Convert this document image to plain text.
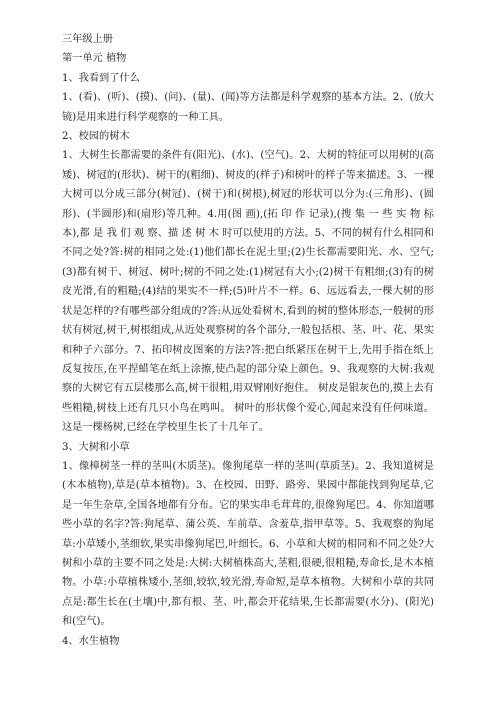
三年级上册

第一单元 植物

1、我看到了什么

1、(看)、(听)、(摸)、(问)、(量)、(闻)等方法都是科学观察的基本方法。2、(放大镜)是用来进行科学观察的一种工具。

2、校园的树木

1、大树生长都需要的条件有(阳光)、(水)、(空气)。2、大树的特征可以用树的(高矮)、树冠的(形状)、树干的(粗细)、树皮的(样子)和树叶的样子等来描述。3、一棵大树可以分成三部分(树冠)、(树干)和(树根),树冠的形状可以分为:(三角形)、(圆形)、(半圆形)和(扇形)等几种。4.用(图 画),(拓 印 作 记录),(搜 集 一 些 实 物 标 本),都 是 我 们 观 察、描 述 树 木 时可以使用的方法。5、不同的树有什么相同和不同之处?答:树的相同之处:(1)他们都长在泥土里;(2)生长都需要阳光、水、空气;(3)都有树干、树冠、树叶;树的不同之处:(1)树冠有大小;(2)树干有粗细;(3)有的树皮光滑,有的粗糙;(4)结的果实不一样;(5)叶片不一样。6、远远看去,一棵大树的形状是怎样的?有哪些部分组成的?答:从远处看树木,看到的树的整体形态,一般树的形状有树冠,树干,树根组成,从近处观察树的各个部分,一般包括根、茎、叶、花、果实和种子六部分。7、拓印树皮图案的方法?答:把白纸紧压在树干上,先用手指在纸上反复按压,在平捏蜡笔在纸上涂擦,使凸起的部分染上颜色。9、我观察的大树:我观察的大树它有五层楼那么高,树干很粗,用双臂刚好抱住。 树皮是银灰色的,摸上去有些粗糙,树枝上还有几只小鸟在鸣叫。 树叶的形状像个爱心,闻起来没有任何味道。 这是一棵杨树,已经在学校里生长了十几年了。

3、大树和小草

1、像樟树茎一样的茎叫(木质茎)。像狗尾草一样的茎叫(草质茎)。2、我知道树是(木本植物),草是(草本植物)。3、在校园、田野、路旁、果园中都能找到狗尾草,它是一年生杂草,全国各地都有分布。它的果实串毛茸茸的,很像狗尾巴。4、你知道哪些小草的名字?答:狗尾草、蒲公英、车前草、含羞草,指甲草等。5、我观察的狗尾草:小草矮小,茎细软,果实串像狗尾巴,叶细长。6、小草和大树的相同和不同之处?大树和小草的主要不同之处是:大树:大树植株高大,茎粗,很硬,很粗糙,寿命长,是木本植物。小草:小草植株矮小,茎细,较软,较光滑,寿命短,是草本植物。大树和小草的共同点是:都生长在(土壤)中,都有根、茎、叶,都会开花结果,生长都需要(水分)、(阳光)和(空气)。

4、水生植物
